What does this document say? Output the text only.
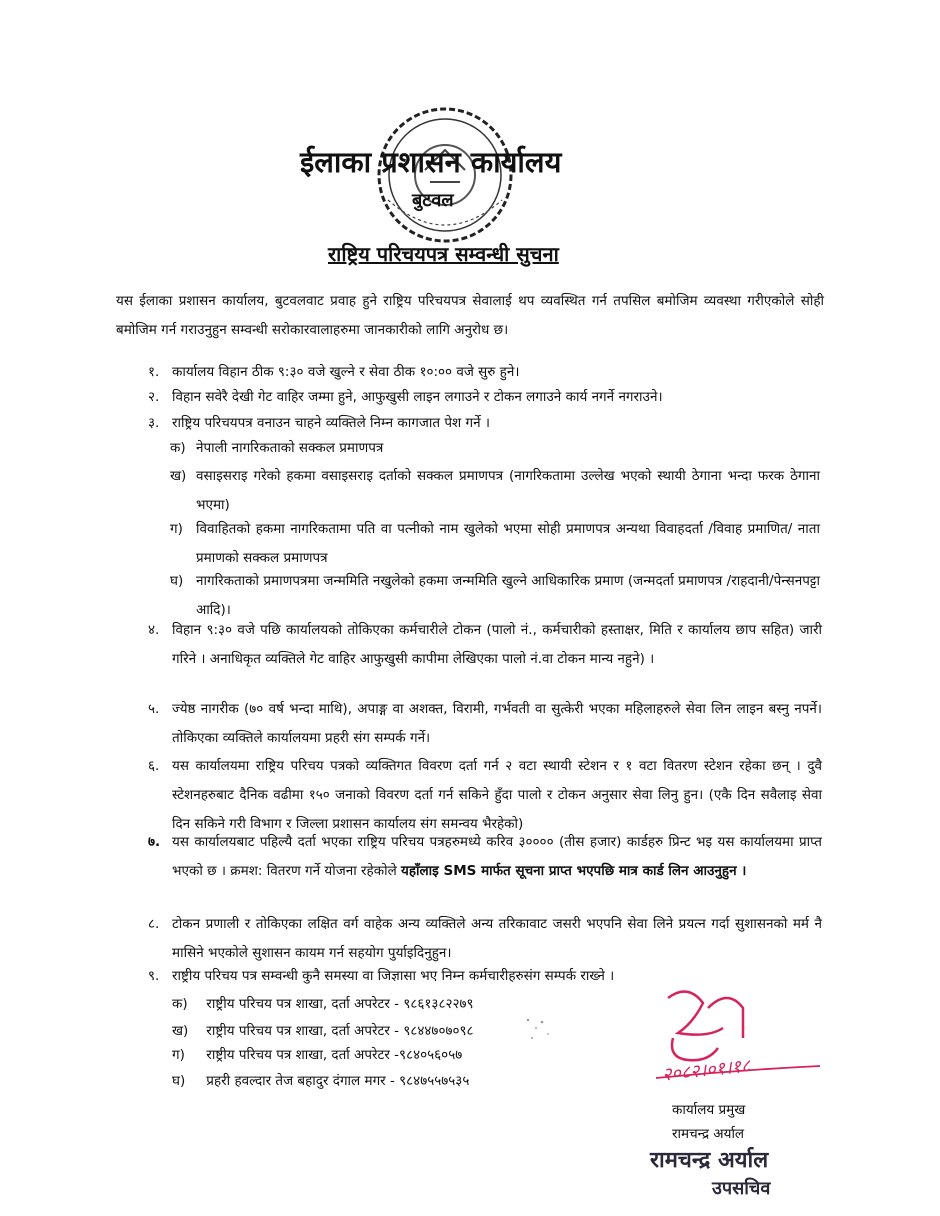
ईलाका प्रशासन कार्यालय
बुटवल
राष्ट्रिय परिचयपत्र सम्वन्धी सुचना
यस ईलाका प्रशासन कार्यालय, बुटवलवाट प्रवाह हुने राष्ट्रिय परिचयपत्र सेवालाई थप व्यवस्थित गर्न तपसिल बमोजिम व्यवस्था गरीएकोले सोही बमोजिम गर्न गराउनुहुन सम्वन्धी सरोकारवालाहरुमा जानकारीको लागि अनुरोध छ।
१. कार्यालय विहान ठीक ९:३० वजे खुल्ने र सेवा ठीक १०:०० वजे सुरु हुने।
२. विहान सवेरै देखी गेट वाहिर जम्मा हुने, आफुखुसी लाइन लगाउने र टोकन लगाउने कार्य नगर्ने नगराउने।
३. राष्ट्रिय परिचयपत्र वनाउन चाहने व्यक्तिले निम्न कागजात पेश गर्ने ।
क) नेपाली नागरिकताको सक्कल प्रमाणपत्र
ख) वसाइसराइ गरेको हकमा वसाइसराइ दर्ताको सक्कल प्रमाणपत्र (नागरिकतामा उल्लेख भएको स्थायी ठेगाना भन्दा फरक ठेगाना भएमा)
ग) विवाहितको हकमा नागरिकतामा पति वा पत्नीको नाम खुलेको भएमा सोही प्रमाणपत्र अन्यथा विवाहदर्ता /विवाह प्रमाणित/ नाता प्रमाणको सक्कल प्रमाणपत्र
घ) नागरिकताको प्रमाणपत्रमा जन्ममिति नखुलेको हकमा जन्ममिति खुल्ने आधिकारिक प्रमाण (जन्मदर्ता प्रमाणपत्र /राहदानी/पेन्सनपट्टा आदि)।
४. विहान ९:३० वजे पछि कार्यालयको तोकिएका कर्मचारीले टोकन (पालो नं., कर्मचारीको हस्ताक्षर, मिति र कार्यालय छाप सहित) जारी गरिने । अनाधिकृत व्यक्तिले गेट वाहिर आफुखुसी कापीमा लेखिएका पालो नं.वा टोकन मान्य नहुने) ।
५. ज्येष्ठ नागरीक (७० वर्ष भन्दा माथि), अपाङ्ग वा अशक्त, विरामी, गर्भवती वा सुत्केरी भएका महिलाहरुले सेवा लिन लाइन बस्नु नपर्ने। तोकिएका व्यक्तिले कार्यालयमा प्रहरी संग सम्पर्क गर्ने।
६. यस कार्यालयमा राष्ट्रिय परिचय पत्रको व्यक्तिगत विवरण दर्ता गर्न २ वटा स्थायी स्टेशन र १ वटा वितरण स्टेशन रहेका छन् । दुवै स्टेशनहरुबाट दैनिक वढीमा १५० जनाको विवरण दर्ता गर्न सकिने हुँदा पालो र टोकन अनुसार सेवा लिनु हुन। (एकै दिन सवैलाइ सेवा दिन सकिने गरी विभाग र जिल्ला प्रशासन कार्यालय संग समन्वय भैरहेको)
७. यस कार्यालयबाट पहिल्यै दर्ता भएका राष्ट्रिय परिचय पत्रहरुमध्ये करिव ३०००० (तीस हजार) कार्डहरु प्रिन्ट भइ यस कार्यालयमा प्राप्त भएको छ । क्रमश: वितरण गर्ने योजना रहेकोले यहाँलाइ SMS मार्फत सूचना प्राप्त भएपछि मात्र कार्ड लिन आउनुहुन ।
८. टोकन प्रणाली र तोकिएका लक्षित वर्ग वाहेक अन्य व्यक्तिले अन्य तरिकावाट जसरी भएपनि सेवा लिने प्रयत्न गर्दा सुशासनको मर्म नै मासिने भएकोले सुशासन कायम गर्न सहयोग पुर्याइदिनुहुन।
९. राष्ट्रीय परिचय पत्र सम्वन्धी कुनै समस्या वा जिज्ञासा भए निम्न कर्मचारीहरुसंग सम्पर्क राख्ने ।
क) राष्ट्रीय परिचय पत्र शाखा, दर्ता अपरेटर - ९८६१३८२२७९
ख) राष्ट्रीय परिचय पत्र शाखा, दर्ता अपरेटर - ९८४४७०७०९८
ग) राष्ट्रीय परिचय पत्र शाखा, दर्ता अपरेटर -९८४०५६०५७
घ) प्रहरी हवल्दार तेज बहादुर दंगाल मगर - ९८४७५५७५३५	२०८२।०१।१८
कार्यालय प्रमुख
रामचन्द्र अर्याल
रामचन्द्र अर्याल
उपसचिव
